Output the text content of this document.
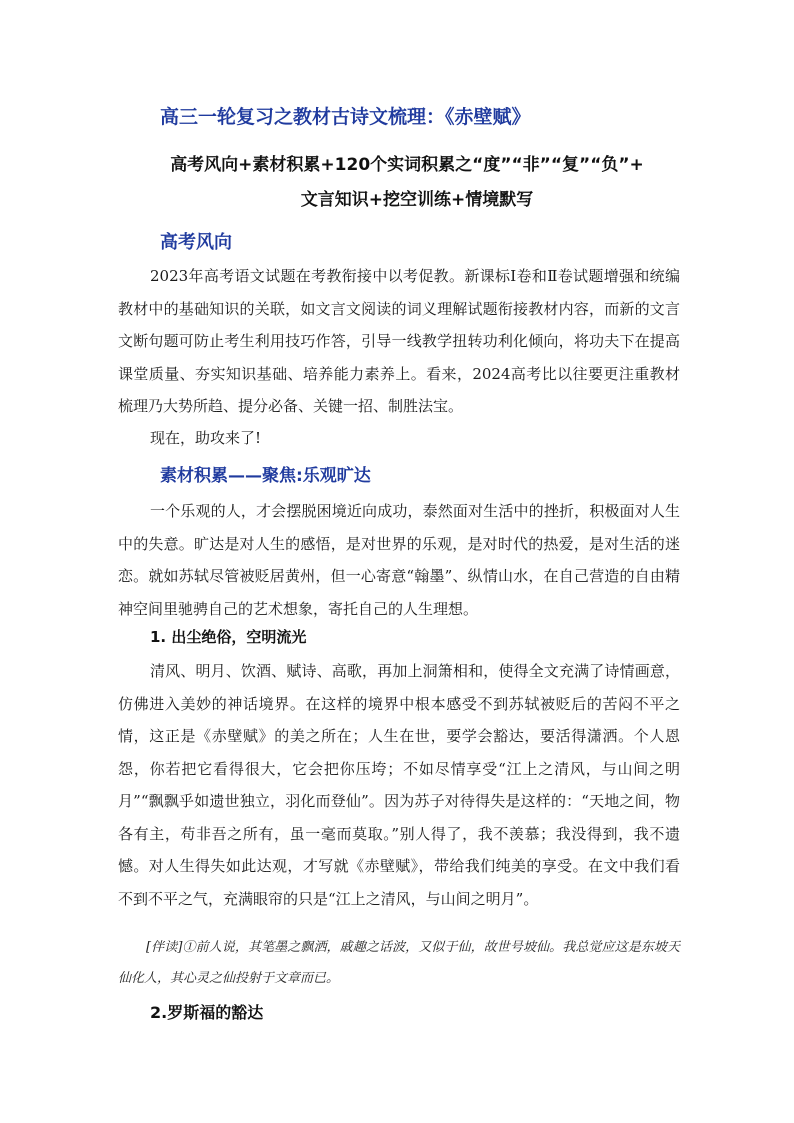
高三一轮复习之教材古诗文梳理：《赤壁赋》
高考风向+素材积累+120个实词积累之“度”“非”“复”“负”+
文言知识+挖空训练+情境默写
高考风向

2023年高考语文试题在考教衔接中以考促教。新课标Ⅰ卷和Ⅱ卷试题增强和统编教材中的基础知识的关联，如文言文阅读的词义理解试题衔接教材内容，而新的文言文断句题可防止考生利用技巧作答，引导一线教学扭转功利化倾向，将功夫下在提高课堂质量、夯实知识基础、培养能力素养上。看来，2024高考比以往要更注重教材梳理乃大势所趋、提分必备、关键一招、制胜法宝。

现在，助攻来了!

素材积累——聚焦:乐观旷达

一个乐观的人，才会摆脱困境近向成功，泰然面对生活中的挫折，积极面对人生中的失意。旷达是对人生的感悟，是对世界的乐观，是对时代的热爱，是对生活的迷恋。就如苏轼尽管被贬居黄州，但一心寄意“翰墨”、纵情山水，在自己营造的自由精神空间里驰骋自己的艺术想象，寄托自己的人生理想。

1. 出尘绝俗，空明流光

清风、明月、饮酒、赋诗、高歌，再加上洞箫相和，使得全文充满了诗情画意，仿佛进入美妙的神话境界。在这样的境界中根本感受不到苏轼被贬后的苦闷不平之情，这正是《赤壁赋》的美之所在；人生在世，要学会豁达，要活得潇洒。个人恩怨，你若把它看得很大，它会把你压垮；不如尽情享受“江上之清风，与山间之明月”“飘飘乎如遗世独立，羽化而登仙”。因为苏子对待得失是这样的：“天地之间，物各有主，苟非吾之所有，虽一毫而莫取。”别人得了，我不羡慕；我没得到，我不遗憾。对人生得失如此达观，才写就《赤壁赋》，带给我们纯美的享受。在文中我们看不到不平之气，充满眼帘的只是“江上之清风，与山间之明月”。

[伴读]①前人说，其笔墨之飘洒，戚趣之话波，又似于仙，故世号坡仙。我总觉应这是东坡天仙化人，其心灵之仙投射于文章而已。

2.罗斯福的豁达
